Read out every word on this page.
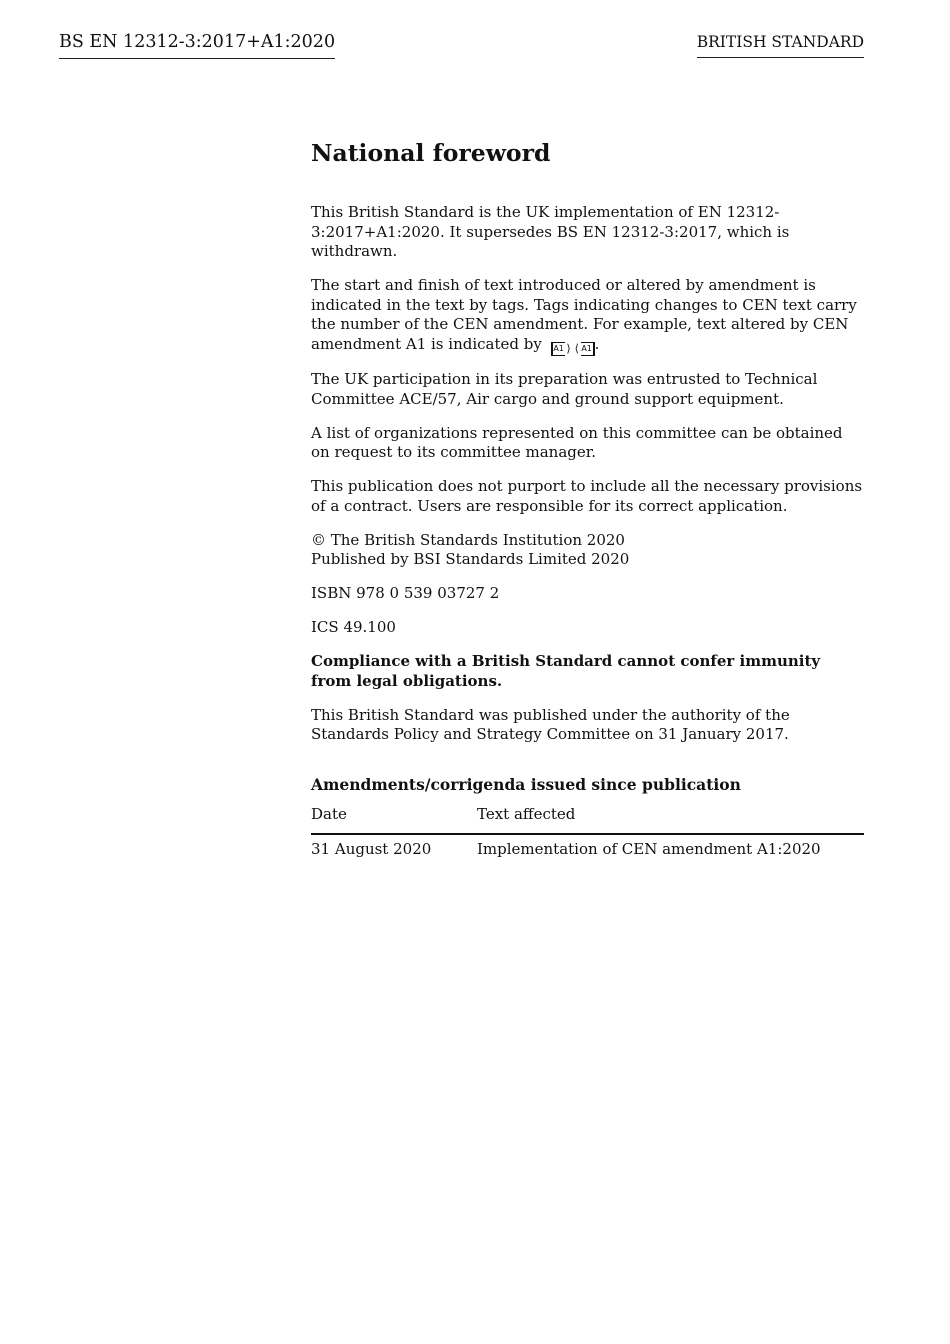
BS EN 12312-3:2017+A1:2020	BRITISH STANDARD
National foreword

This British Standard is the UK implementation of EN 12312-3:2017+A1:2020. It supersedes BS EN 12312-3:2017, which is withdrawn.

The start and finish of text introduced or altered by amendment is indicated in the text by tags. Tags indicating changes to CEN text carry the number of the CEN amendment. For example, text altered by CEN amendment A1 is indicated by A1 ⟩ ⟨ A1 .

The UK participation in its preparation was entrusted to Technical Committee ACE/57, Air cargo and ground support equipment.

A list of organizations represented on this committee can be obtained on request to its committee manager.

This publication does not purport to include all the necessary provisions of a contract. Users are responsible for its correct application.

© The British Standards Institution 2020
Published by BSI Standards Limited 2020

ISBN 978 0 539 03727 2

ICS 49.100

Compliance with a British Standard cannot confer immunity from legal obligations.

This British Standard was published under the authority of the Standards Policy and Strategy Committee on 31 January 2017.

Amendments/corrigenda issued since publication
Date	Text affected
31 August 2020	Implementation of CEN amendment A1:2020
